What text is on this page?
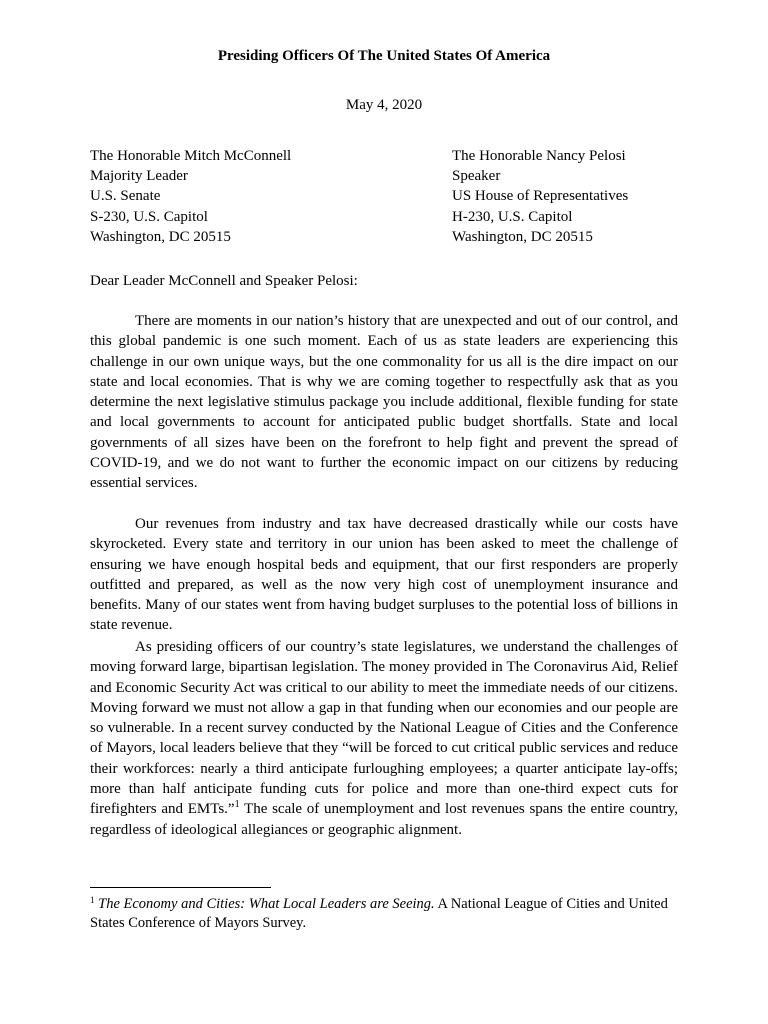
Presiding Officers Of The United States Of America
May 4, 2020
The Honorable Mitch McConnell
Majority Leader
U.S. Senate
S-230, U.S. Capitol
Washington, DC 20515
The Honorable Nancy Pelosi
Speaker
US House of Representatives
H-230, U.S. Capitol
Washington, DC 20515
Dear Leader McConnell and Speaker Pelosi:

There are moments in our nation’s history that are unexpected and out of our control, and this global pandemic is one such moment. Each of us as state leaders are experiencing this challenge in our own unique ways, but the one commonality for us all is the dire impact on our state and local economies. That is why we are coming together to respectfully ask that as you determine the next legislative stimulus package you include additional, flexible funding for state and local governments to account for anticipated public budget shortfalls. State and local governments of all sizes have been on the forefront to help fight and prevent the spread of COVID-19, and we do not want to further the economic impact on our citizens by reducing essential services.

Our revenues from industry and tax have decreased drastically while our costs have skyrocketed. Every state and territory in our union has been asked to meet the challenge of ensuring we have enough hospital beds and equipment, that our first responders are properly outfitted and prepared, as well as the now very high cost of unemployment insurance and benefits. Many of our states went from having budget surpluses to the potential loss of billions in state revenue.

As presiding officers of our country’s state legislatures, we understand the challenges of moving forward large, bipartisan legislation. The money provided in The Coronavirus Aid, Relief and Economic Security Act was critical to our ability to meet the immediate needs of our citizens. Moving forward we must not allow a gap in that funding when our economies and our people are so vulnerable. In a recent survey conducted by the National League of Cities and the Conference of Mayors, local leaders believe that they “will be forced to cut critical public services and reduce their workforces: nearly a third anticipate furloughing employees; a quarter anticipate lay-offs; more than half anticipate funding cuts for police and more than one-third expect cuts for firefighters and EMTs.”$^1$ The scale of unemployment and lost revenues spans the entire country, regardless of ideological allegiances or geographic alignment.

$^1$ The Economy and Cities: What Local Leaders are Seeing. A National League of Cities and United States Conference of Mayors Survey.
